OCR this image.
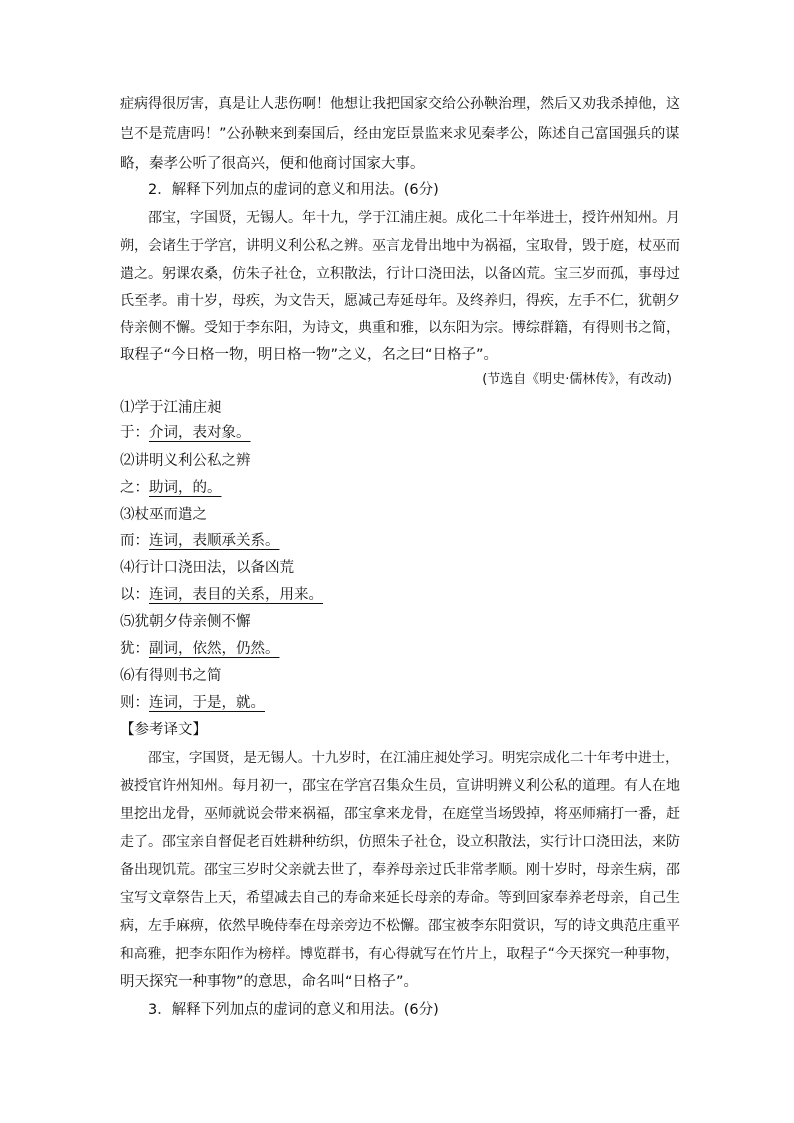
症病得很厉害，真是让人悲伤啊！他想让我把国家交给公孙鞅治理，然后又劝我杀掉他，这
岂不是荒唐吗！”公孙鞅来到秦国后，经由宠臣景监来求见秦孝公，陈述自己富国强兵的谋
略，秦孝公听了很高兴，便和他商讨国家大事。
2．解释下列加点的虚词的意义和用法。(6分)
邵宝，字国贤，无锡人。年十九，学于江浦庄昶。成化二十年举进士，授许州知州。月
朔，会诸生于学宫，讲明义利公私之辨。巫言龙骨出地中为祸福，宝取骨，毁于庭，杖巫而
遣之。躬课农桑，仿朱子社仓，立积散法，行计口浇田法，以备凶荒。宝三岁而孤，事母过
氏至孝。甫十岁，母疾，为文告天，愿减己寿延母年。及终养归，得疾，左手不仁，犹朝夕
侍亲侧不懈。受知于李东阳，为诗文，典重和雅，以东阳为宗。博综群籍，有得则书之简，
取程子“今日格一物，明日格一物”之义，名之曰“日格子”。
(节选自《明史·儒林传》，有改动)
⑴学于江浦庄昶
于：介词，表对象。
⑵讲明义利公私之辨
之：助词，的。
⑶杖巫而遣之
而：连词，表顺承关系。
⑷行计口浇田法，以备凶荒
以：连词，表目的关系，用来。
⑸犹朝夕侍亲侧不懈
犹：副词，依然，仍然。
⑹有得则书之简
则：连词，于是，就。
【参考译文】
邵宝，字国贤，是无锡人。十九岁时，在江浦庄昶处学习。明宪宗成化二十年考中进士，
被授官许州知州。每月初一，邵宝在学宫召集众生员，宣讲明辨义利公私的道理。有人在地
里挖出龙骨，巫师就说会带来祸福，邵宝拿来龙骨，在庭堂当场毁掉，将巫师痛打一番，赶
走了。邵宝亲自督促老百姓耕种纺织，仿照朱子社仓，设立积散法，实行计口浇田法，来防
备出现饥荒。邵宝三岁时父亲就去世了，奉养母亲过氏非常孝顺。刚十岁时，母亲生病，邵
宝写文章祭告上天，希望减去自己的寿命来延长母亲的寿命。等到回家奉养老母亲，自己生
病，左手麻痹，依然早晚侍奉在母亲旁边不松懈。邵宝被李东阳赏识，写的诗文典范庄重平
和高雅，把李东阳作为榜样。博览群书，有心得就写在竹片上，取程子“今天探究一种事物，
明天探究一种事物”的意思，命名叫“日格子”。
3．解释下列加点的虚词的意义和用法。(6分)
